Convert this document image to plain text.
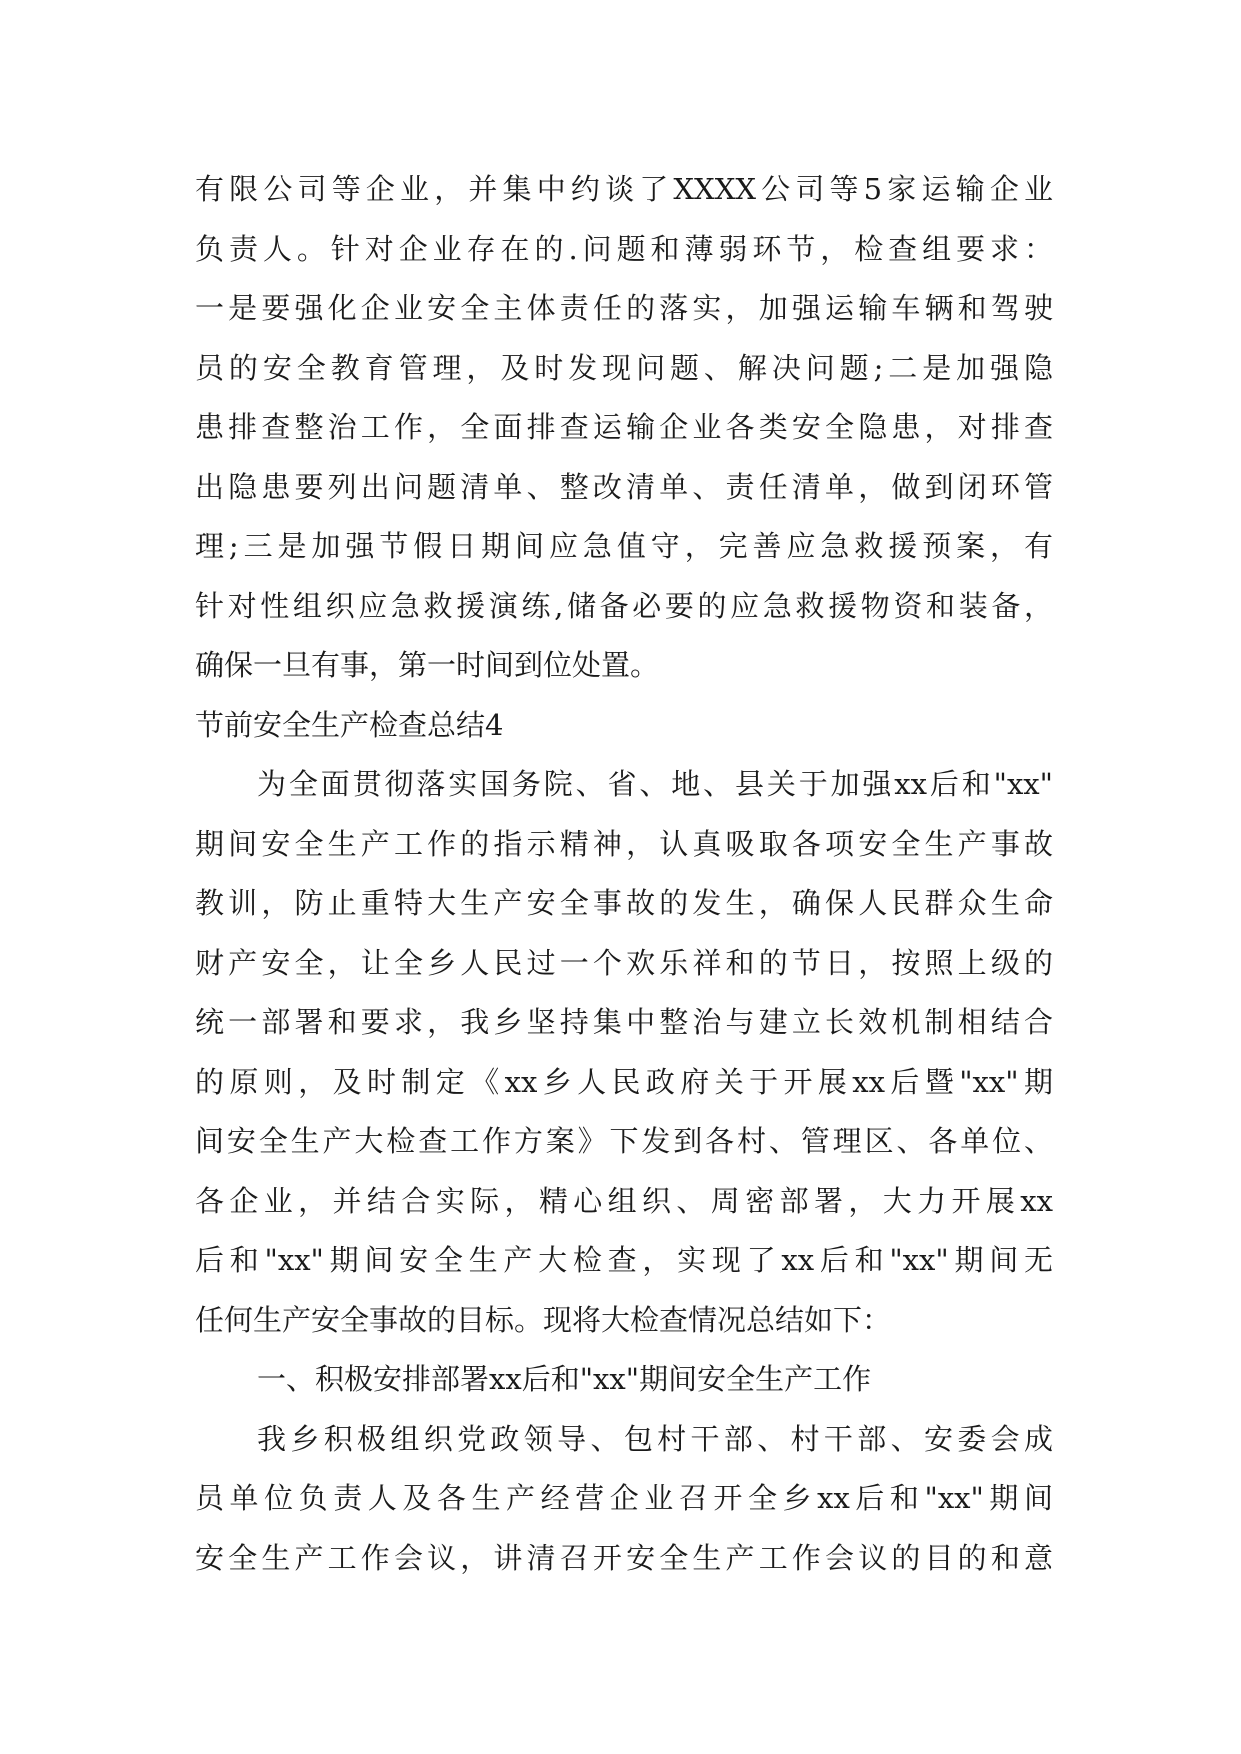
有限公司等企业，并集中约谈了XXXX公司等5家运输企业
负责人。针对企业存在的.问题和薄弱环节，检查组要求：
一是要强化企业安全主体责任的落实，加强运输车辆和驾驶
员的安全教育管理，及时发现问题、解决问题;二是加强隐
患排查整治工作，全面排查运输企业各类安全隐患，对排查
出隐患要列出问题清单、整改清单、责任清单，做到闭环管
理;三是加强节假日期间应急值守，完善应急救援预案，有
针对性组织应急救援演练,储备必要的应急救援物资和装备，
确保一旦有事，第一时间到位处置。
节前安全生产检查总结4
为全面贯彻落实国务院、省、地、县关于加强xx后和"xx"
期间安全生产工作的指示精神，认真吸取各项安全生产事故
教训，防止重特大生产安全事故的发生，确保人民群众生命
财产安全，让全乡人民过一个欢乐祥和的节日，按照上级的
统一部署和要求，我乡坚持集中整治与建立长效机制相结合
的原则，及时制定《xx乡人民政府关于开展xx后暨"xx"期
间安全生产大检查工作方案》下发到各村、管理区、各单位、
各企业，并结合实际，精心组织、周密部署，大力开展xx
后和"xx"期间安全生产大检查，实现了xx后和"xx"期间无
任何生产安全事故的目标。现将大检查情况总结如下：
一、积极安排部署xx后和"xx"期间安全生产工作
我乡积极组织党政领导、包村干部、村干部、安委会成
员单位负责人及各生产经营企业召开全乡xx后和"xx"期间
安全生产工作会议，讲清召开安全生产工作会议的目的和意
